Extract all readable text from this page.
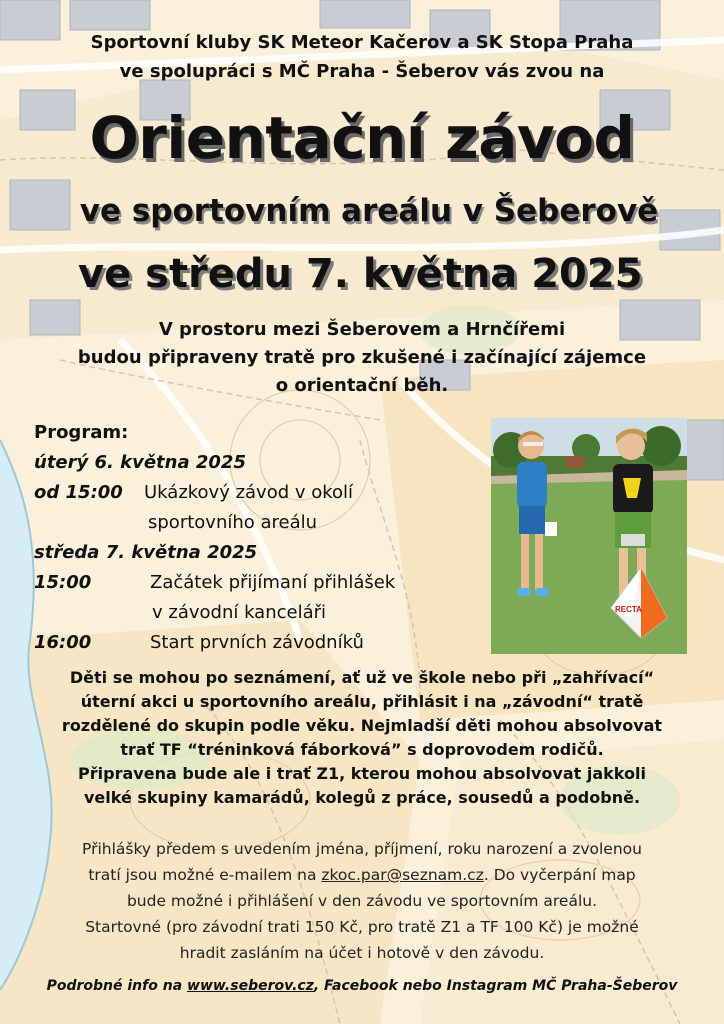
Sportovní kluby SK Meteor Kačerov a SK Stopa Praha
ve spolupráci s MČ Praha - Šeberov vás zvou na
Orientační závod
ve sportovním areálu v Šeberově
ve středu 7. května 2025
V prostoru mezi Šeberovem a Hrnčířemi
budou připraveny tratě pro zkušené i začínající zájemce
o orientační běh.
Program:
úterý 6. května 2025
od 15:00 Ukázkový závod v okolí
sportovního areálu
středa 7. května 2025
15:00	Začátek přijímaní přihlášek
v závodní kanceláři
16:00	Start prvních závodníků
RECTA
Děti se mohou po seznámení, ať už ve škole nebo při „zahřívací“
úterní akci u sportovního areálu, přihlásit i na „závodní“ tratě
rozdělené do skupin podle věku. Nejmladší děti mohou absolvovat
trať TF “tréninková fáborková” s doprovodem rodičů.
Připravena bude ale i trať Z1, kterou mohou absolvovat jakkoli
velké skupiny kamarádů, kolegů z práce, sousedů a podobně.
Přihlášky předem s uvedením jména, příjmení, roku narození a zvolenou
tratí jsou možné e-mailem na zkoc.par@seznam.cz. Do vyčerpání map
bude možné i přihlášení v den závodu ve sportovním areálu.
Startovné (pro závodní trati 150 Kč, pro tratě Z1 a TF 100 Kč) je možné
hradit zasláním na účet i hotově v den závodu.
Podrobné info na www.seberov.cz, Facebook nebo Instagram MČ Praha-Šeberov
